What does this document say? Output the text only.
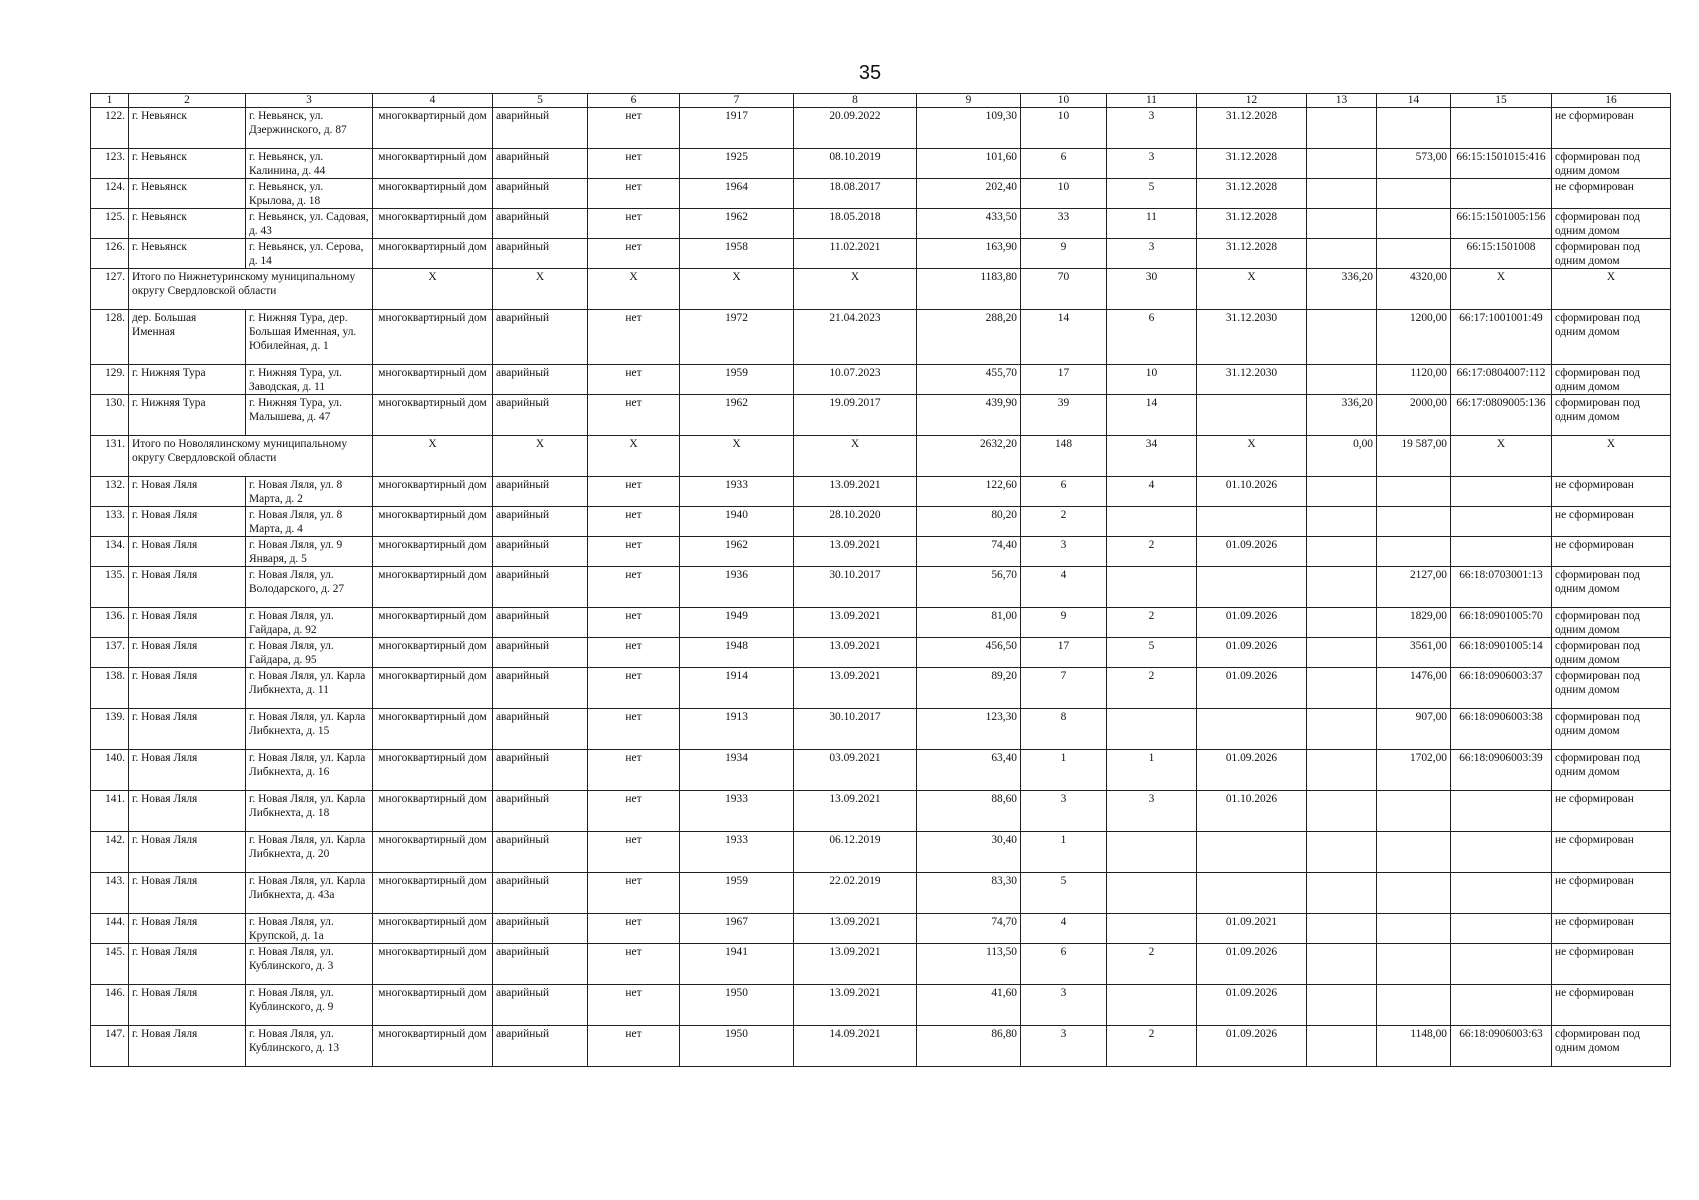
35
1	2	3	4	5	6	7	8	9	10	11	12	13	14	15	16
122.	г. Невьянск	г. Невьянск, ул. Дзержинского, д. 87	многоквартирный дом	аварийный	нет	1917	20.09.2022	109,30	10	3	31.12.2028				не сформирован
123.	г. Невьянск	г. Невьянск, ул. Калинина, д. 44	многоквартирный дом	аварийный	нет	1925	08.10.2019	101,60	6	3	31.12.2028		573,00	66:15:1501015:416	сформирован под одним домом
124.	г. Невьянск	г. Невьянск, ул. Крылова, д. 18	многоквартирный дом	аварийный	нет	1964	18.08.2017	202,40	10	5	31.12.2028				не сформирован
125.	г. Невьянск	г. Невьянск, ул. Садовая, д. 43	многоквартирный дом	аварийный	нет	1962	18.05.2018	433,50	33	11	31.12.2028			66:15:1501005:156	сформирован под одним домом
126.	г. Невьянск	г. Невьянск, ул. Серова, д. 14	многоквартирный дом	аварийный	нет	1958	11.02.2021	163,90	9	3	31.12.2028			66:15:1501008	сформирован под одним домом
127.	Итого по Нижнетуринскому муниципальному округу Свердловской области		X	X	X	X	X	1183,80	70	30	X	336,20	4320,00	X	X
128.	дер. Большая Именная	г. Нижняя Тура, дер. Большая Именная, ул. Юбилейная, д. 1	многоквартирный дом	аварийный	нет	1972	21.04.2023	288,20	14	6	31.12.2030		1200,00	66:17:1001001:49	сформирован под одним домом
129.	г. Нижняя Тура	г. Нижняя Тура, ул. Заводская, д. 11	многоквартирный дом	аварийный	нет	1959	10.07.2023	455,70	17	10	31.12.2030		1120,00	66:17:0804007:112	сформирован под одним домом
130.	г. Нижняя Тура	г. Нижняя Тура, ул. Малышева, д. 47	многоквартирный дом	аварийный	нет	1962	19.09.2017	439,90	39	14		336,20	2000,00	66:17:0809005:136	сформирован под одним домом
131.	Итого по Новолялинскому муниципальному округу Свердловской области		X	X	X	X	X	2632,20	148	34	X	0,00	19 587,00	X	X
132.	г. Новая Ляля	г. Новая Ляля, ул. 8 Марта, д. 2	многоквартирный дом	аварийный	нет	1933	13.09.2021	122,60	6	4	01.10.2026				не сформирован
133.	г. Новая Ляля	г. Новая Ляля, ул. 8 Марта, д. 4	многоквартирный дом	аварийный	нет	1940	28.10.2020	80,20	2						не сформирован
134.	г. Новая Ляля	г. Новая Ляля, ул. 9 Января, д. 5	многоквартирный дом	аварийный	нет	1962	13.09.2021	74,40	3	2	01.09.2026				не сформирован
135.	г. Новая Ляля	г. Новая Ляля, ул. Володарского, д. 27	многоквартирный дом	аварийный	нет	1936	30.10.2017	56,70	4				2127,00	66:18:0703001:13	сформирован под одним домом
136.	г. Новая Ляля	г. Новая Ляля, ул. Гайдара, д. 92	многоквартирный дом	аварийный	нет	1949	13.09.2021	81,00	9	2	01.09.2026		1829,00	66:18:0901005:70	сформирован под одним домом
137.	г. Новая Ляля	г. Новая Ляля, ул. Гайдара, д. 95	многоквартирный дом	аварийный	нет	1948	13.09.2021	456,50	17	5	01.09.2026		3561,00	66:18:0901005:14	сформирован под одним домом
138.	г. Новая Ляля	г. Новая Ляля, ул. Карла Либкнехта, д. 11	многоквартирный дом	аварийный	нет	1914	13.09.2021	89,20	7	2	01.09.2026		1476,00	66:18:0906003:37	сформирован под одним домом
139.	г. Новая Ляля	г. Новая Ляля, ул. Карла Либкнехта, д. 15	многоквартирный дом	аварийный	нет	1913	30.10.2017	123,30	8				907,00	66:18:0906003:38	сформирован под одним домом
140.	г. Новая Ляля	г. Новая Ляля, ул. Карла Либкнехта, д. 16	многоквартирный дом	аварийный	нет	1934	03.09.2021	63,40	1	1	01.09.2026		1702,00	66:18:0906003:39	сформирован под одним домом
141.	г. Новая Ляля	г. Новая Ляля, ул. Карла Либкнехта, д. 18	многоквартирный дом	аварийный	нет	1933	13.09.2021	88,60	3	3	01.10.2026				не сформирован
142.	г. Новая Ляля	г. Новая Ляля, ул. Карла Либкнехта, д. 20	многоквартирный дом	аварийный	нет	1933	06.12.2019	30,40	1						не сформирован
143.	г. Новая Ляля	г. Новая Ляля, ул. Карла Либкнехта, д. 43а	многоквартирный дом	аварийный	нет	1959	22.02.2019	83,30	5						не сформирован
144.	г. Новая Ляля	г. Новая Ляля, ул. Крупской, д. 1а	многоквартирный дом	аварийный	нет	1967	13.09.2021	74,70	4		01.09.2021				не сформирован
145.	г. Новая Ляля	г. Новая Ляля, ул. Кублинского, д. 3	многоквартирный дом	аварийный	нет	1941	13.09.2021	113,50	6	2	01.09.2026				не сформирован
146.	г. Новая Ляля	г. Новая Ляля, ул. Кублинского, д. 9	многоквартирный дом	аварийный	нет	1950	13.09.2021	41,60	3		01.09.2026				не сформирован
147.	г. Новая Ляля	г. Новая Ляля, ул. Кублинского, д. 13	многоквартирный дом	аварийный	нет	1950	14.09.2021	86,80	3	2	01.09.2026		1148,00	66:18:0906003:63	сформирован под одним домом
